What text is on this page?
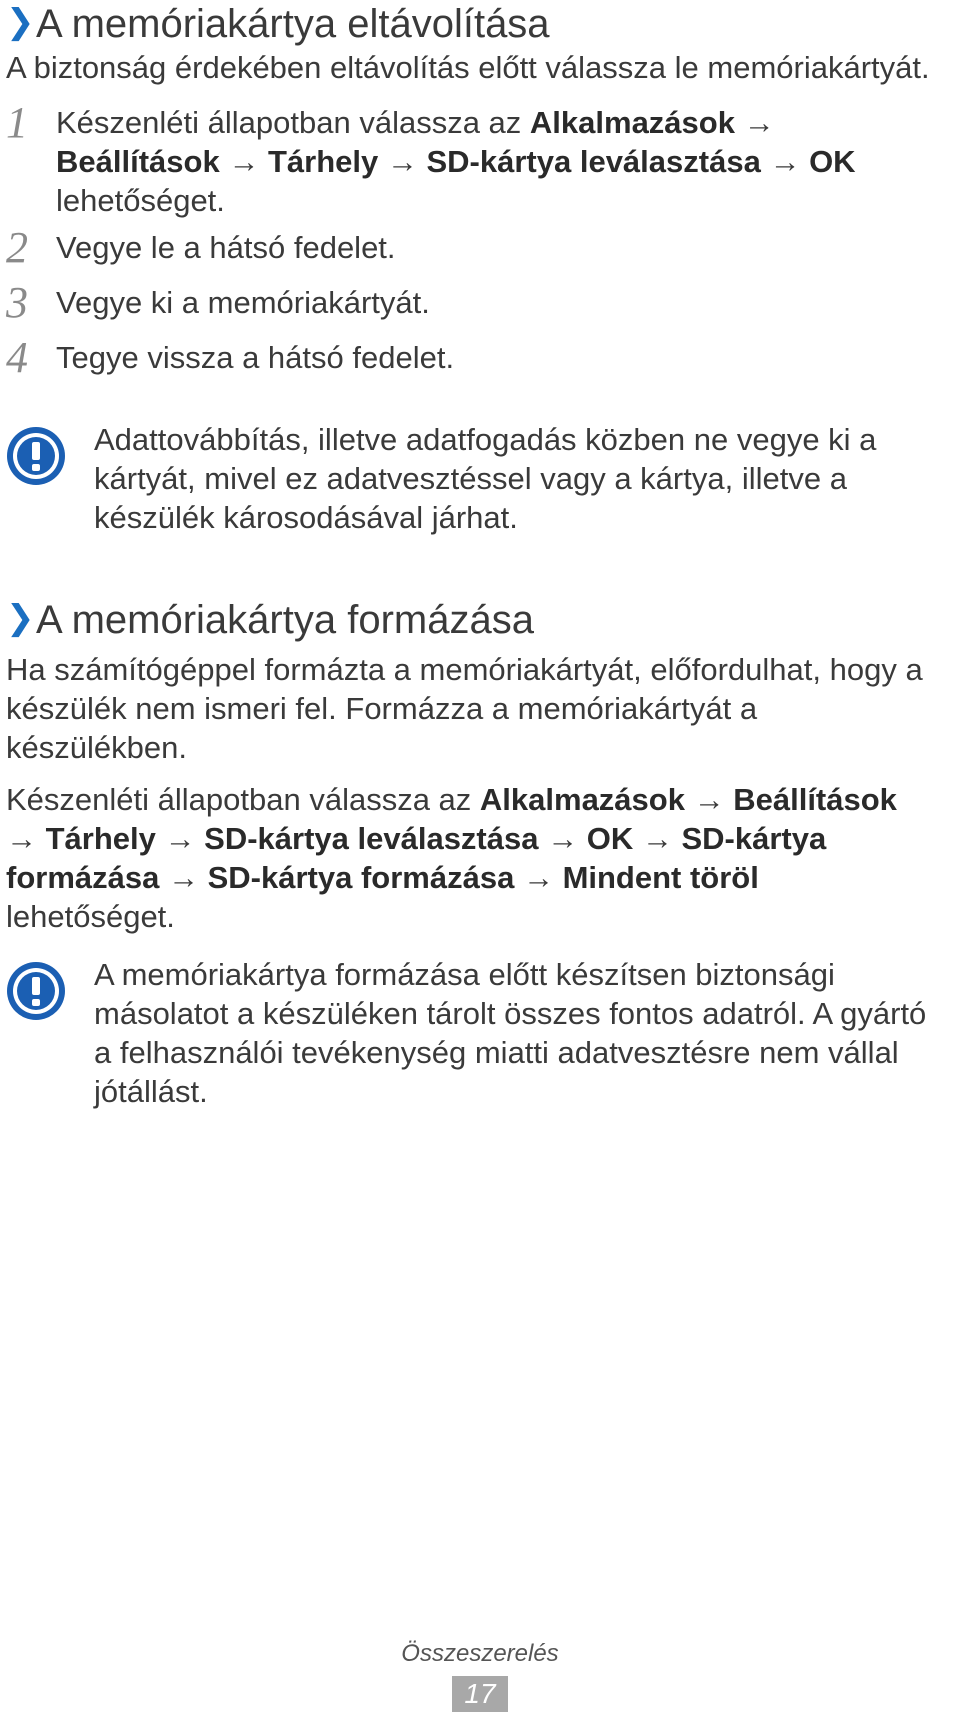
❯ A memóriakártya eltávolítása
A biztonság érdekében eltávolítás előtt válassza le memóriakártyát.
1 Készenléti állapotban válassza az Alkalmazások →
Beállítások → Tárhely → SD-kártya leválasztása → OK
lehetőséget.
2 Vegye le a hátsó fedelet.
3 Vegye ki a memóriakártyát.
4 Tegye vissza a hátsó fedelet.
Adattovábbítás, illetve adatfogadás közben ne vegye ki a kártyát, mivel ez adatvesztéssel vagy a kártya, illetve a készülék károsodásával járhat.
❯ A memóriakártya formázása
Ha számítógéppel formázta a memóriakártyát, előfordulhat, hogy a készülék nem ismeri fel. Formázza a memóriakártyát a készülékben.
Készenléti állapotban válassza az Alkalmazások → Beállítások
→ Tárhely → SD-kártya leválasztása → OK → SD-kártya formázása → SD-kártya formázása → Mindent töröl
lehetőséget.
A memóriakártya formázása előtt készítsen biztonsági másolatot a készüléken tárolt összes fontos adatról. A gyártó a felhasználói tevékenység miatti adatvesztésre nem vállal jótállást.
Összeszerelés
17
